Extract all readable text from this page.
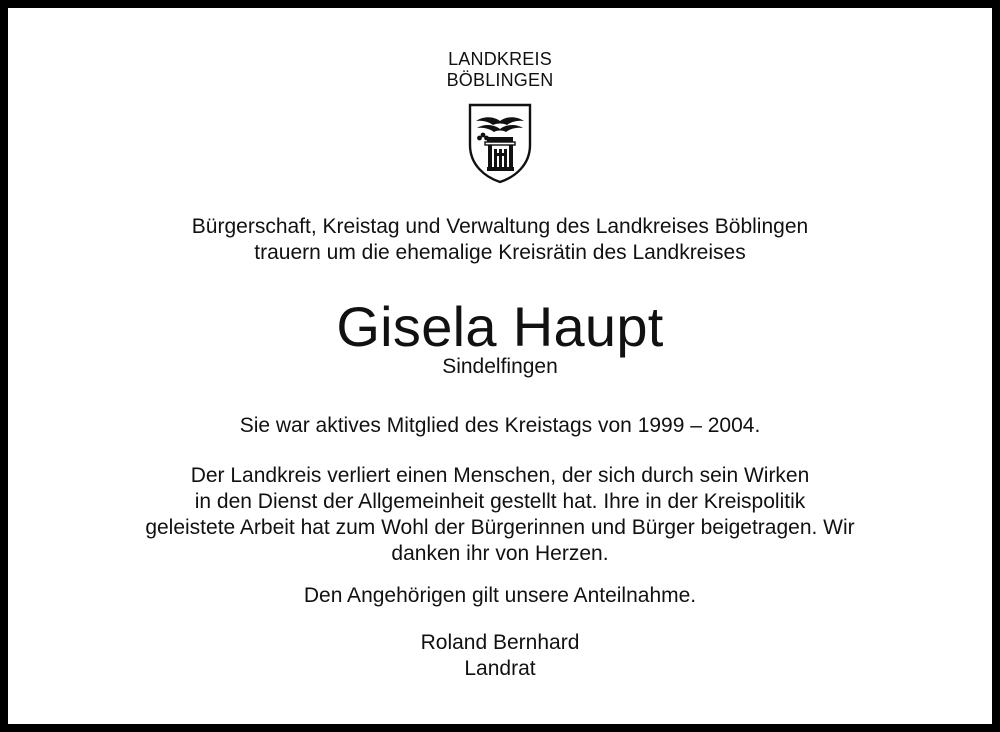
LANDKREIS
BÖBLINGEN
Bürgerschaft, Kreistag und Verwaltung des Landkreises Böblingen
trauern um die ehemalige Kreisrätin des Landkreises
Gisela Haupt
Sindelfingen
Sie war aktives Mitglied des Kreistags von 1999 – 2004.
Der Landkreis verliert einen Menschen, der sich durch sein Wirken
in den Dienst der Allgemeinheit gestellt hat. Ihre in der Kreispolitik
geleistete Arbeit hat zum Wohl der Bürgerinnen und Bürger beigetragen. Wir
danken ihr von Herzen.
Den Angehörigen gilt unsere Anteilnahme.
Roland Bernhard
Landrat
